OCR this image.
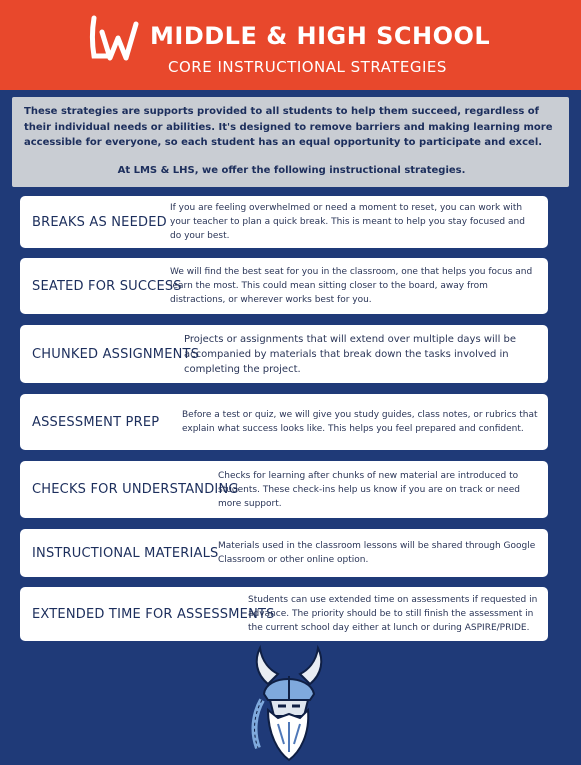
MIDDLE & HIGH SCHOOL
CORE INSTRUCTIONAL STRATEGIES

These strategies are supports provided to all students to help them succeed, regardless of their individual needs or abilities. It's designed to remove barriers and making learning more accessible for everyone, so each student has an equal opportunity to participate and excel.

At LMS & LHS, we offer the following instructional strategies.

BREAKS AS NEEDED
If you are feeling overwhelmed or need a moment to reset, you can work with your teacher to plan a quick break. This is meant to help you stay focused and do your best.
SEATED FOR SUCCESS
We will find the best seat for you in the classroom, one that helps you focus and learn the most. This could mean sitting closer to the board, away from distractions, or wherever works best for you.
CHUNKED ASSIGNMENTS
Projects or assignments that will extend over multiple days will be accompanied by materials that break down the tasks involved in completing the project.
ASSESSMENT PREP	Before a test or quiz, we will give you study guides, class notes, or rubrics that explain what success looks like. This helps you feel prepared and confident.
CHECKS FOR UNDERSTANDING
Checks for learning after chunks of new material are introduced to students. These check-ins help us know if you are on track or need more support.
INSTRUCTIONAL MATERIALS Materials used in the classroom lessons will be shared through Google Classroom or other online option.
EXTENDED TIME FOR ASSESSMENTS
Students can use extended time on assessments if requested in advance. The priority should be to still finish the assessment in the current school day either at lunch or during ASPIRE/PRIDE.
